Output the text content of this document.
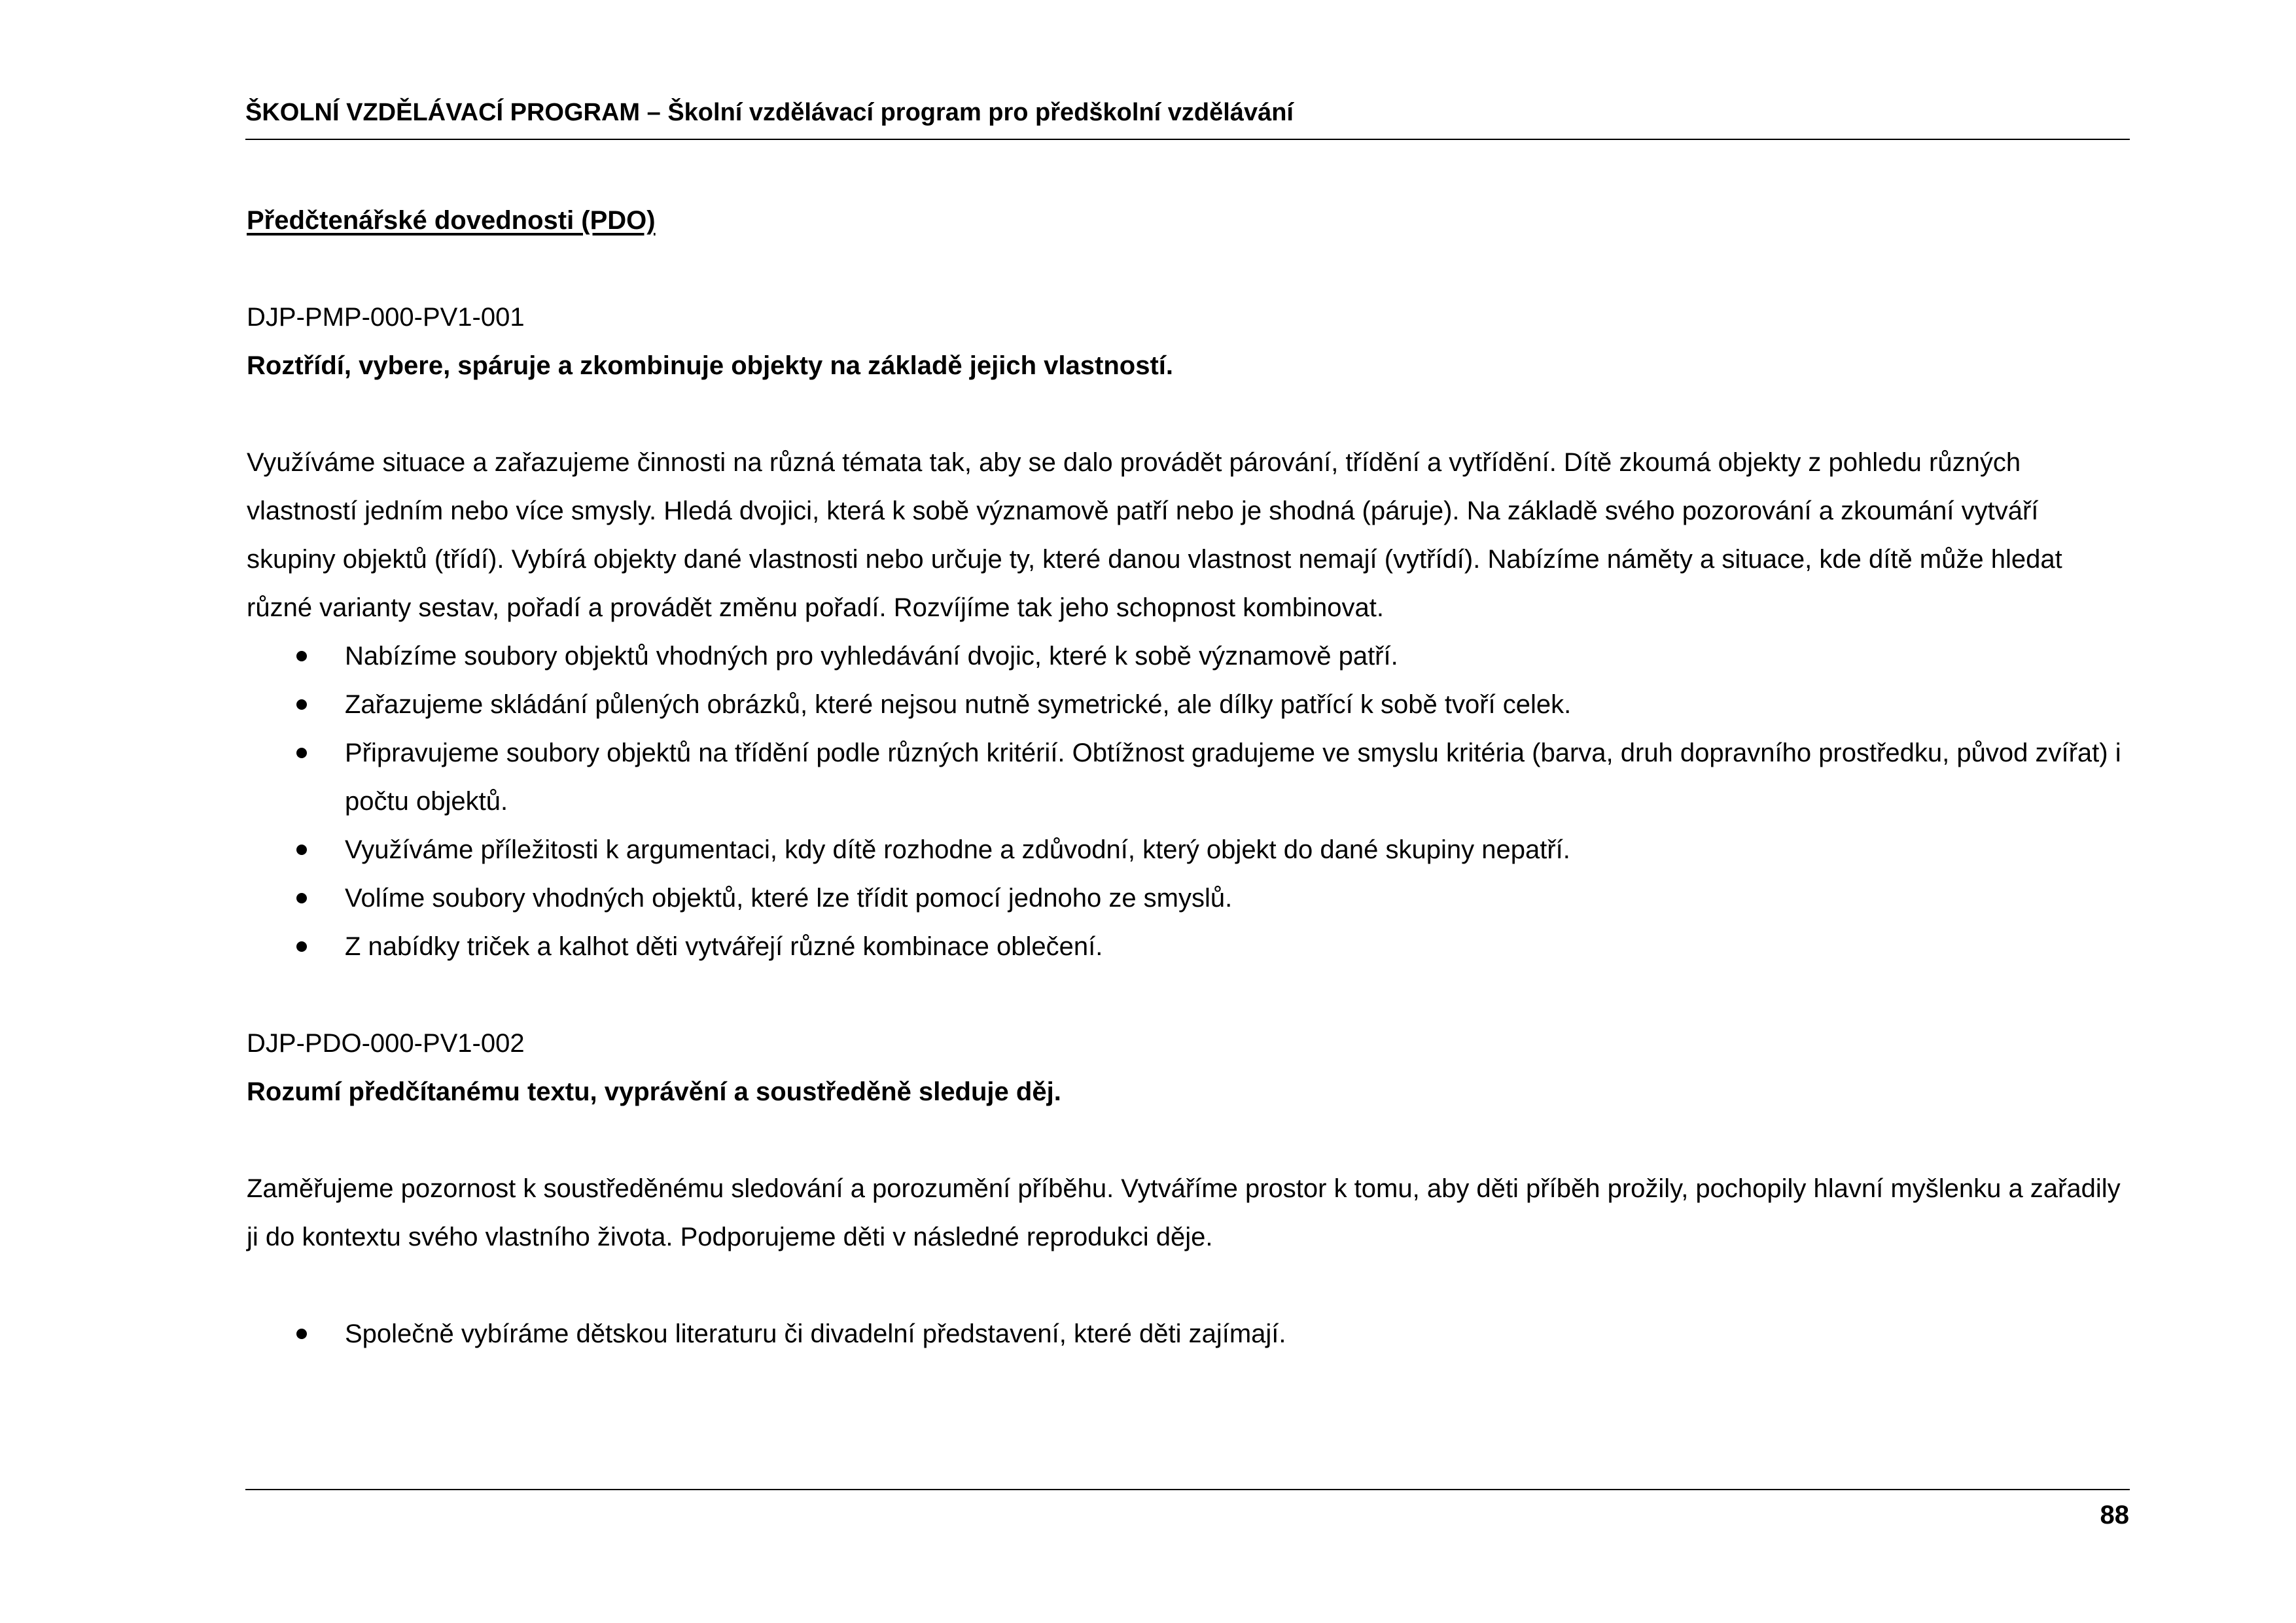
ŠKOLNÍ VZDĚLÁVACÍ PROGRAM – Školní vzdělávací program pro předškolní vzdělávání

Předčtenářské dovednosti (PDO)

DJP-PMP-000-PV1-001

Roztřídí, vybere, spáruje a zkombinuje objekty na základě jejich vlastností.

Využíváme situace a zařazujeme činnosti na různá témata tak, aby se dalo provádět párování, třídění a vytřídění. Dítě zkoumá objekty z pohledu různých vlastností jedním nebo více smysly. Hledá dvojici, která k sobě významově patří nebo je shodná (páruje). Na základě svého pozorování a zkoumání vytváří skupiny objektů (třídí). Vybírá objekty dané vlastnosti nebo určuje ty, které danou vlastnost nemají (vytřídí). Nabízíme náměty a situace, kde dítě může hledat různé varianty sestav, pořadí a provádět změnu pořadí. Rozvíjíme tak jeho schopnost kombinovat.

Nabízíme soubory objektů vhodných pro vyhledávání dvojic, které k sobě významově patří.
Zařazujeme skládání půlených obrázků, které nejsou nutně symetrické, ale dílky patřící k sobě tvoří celek.
Připravujeme soubory objektů na třídění podle různých kritérií. Obtížnost gradujeme ve smyslu kritéria (barva, druh dopravního prostředku, původ zvířat) i počtu objektů.
Využíváme příležitosti k argumentaci, kdy dítě rozhodne a zdůvodní, který objekt do dané skupiny nepatří.
Volíme soubory vhodných objektů, které lze třídit pomocí jednoho ze smyslů.
Z nabídky triček a kalhot děti vytvářejí různé kombinace oblečení.

DJP-PDO-000-PV1-002

Rozumí předčítanému textu, vyprávění a soustředěně sleduje děj.

Zaměřujeme pozornost k soustředěnému sledování a porozumění příběhu. Vytváříme prostor k tomu, aby děti příběh prožily, pochopily hlavní myšlenku a zařadily ji do kontextu svého vlastního života. Podporujeme děti v následné reprodukci děje.

Společně vybíráme dětskou literaturu či divadelní představení, které děti zajímají.
88
